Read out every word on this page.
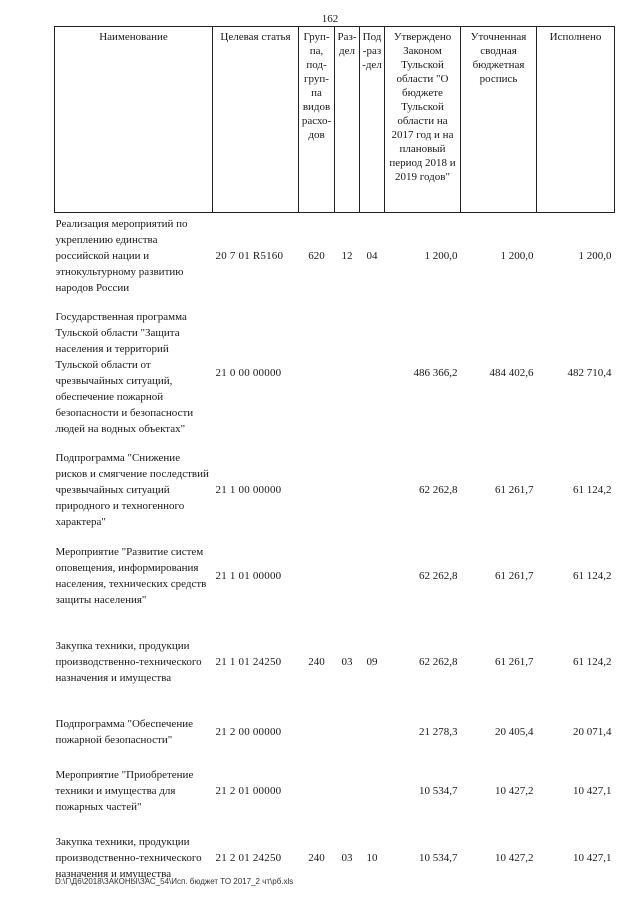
162
Наименование	Целевая статья	Груп-па, под-груп-па видов расхо-дов	Раз-дел	Под-раз-дел	Утверждено Законом Тульской области "О бюджете Тульской области на 2017 год и на плановый период 2018 и 2019 годов"	Уточненная сводная бюджетная роспись	Исполнено
Реализация мероприятий по укреплению единства российской нации и этнокультурному развитию народов России	20 7 01 R5160	620	12	04	1 200,0	1 200,0	1 200,0
Государственная программа Тульской области "Защита населения и территорий Тульской области от чрезвычайных ситуаций, обеспечение пожарной безопасности и безопасности людей на водных объектах"	21 0 00 00000				486 366,2	484 402,6	482 710,4
Подпрограмма "Снижение рисков и смягчение последствий чрезвычайных ситуаций природного и техногенного характера"	21 1 00 00000				62 262,8	61 261,7	61 124,2
Мероприятие "Развитие систем оповещения, информирования населения, технических средств защиты населения"	21 1 01 00000				62 262,8	61 261,7	61 124,2
Закупка техники, продукции производственно-технического назначения и имущества	21 1 01 24250	240	03	09	62 262,8	61 261,7	61 124,2
Подпрограмма "Обеспечение пожарной безопасности"	21 2 00 00000				21 278,3	20 405,4	20 071,4
Мероприятие "Приобретение техники и имущества для пожарных частей"	21 2 01 00000				10 534,7	10 427,2	10 427,1
Закупка техники, продукции производственно-технического назначения и имущества	21 2 01 24250	240	03	10	10 534,7	10 427,2	10 427,1
D:\Г\Д6\2018\ЗАКОНЫ\ЗАС_54\Исп. бюджет ТО 2017_2 чт\рб.xls
